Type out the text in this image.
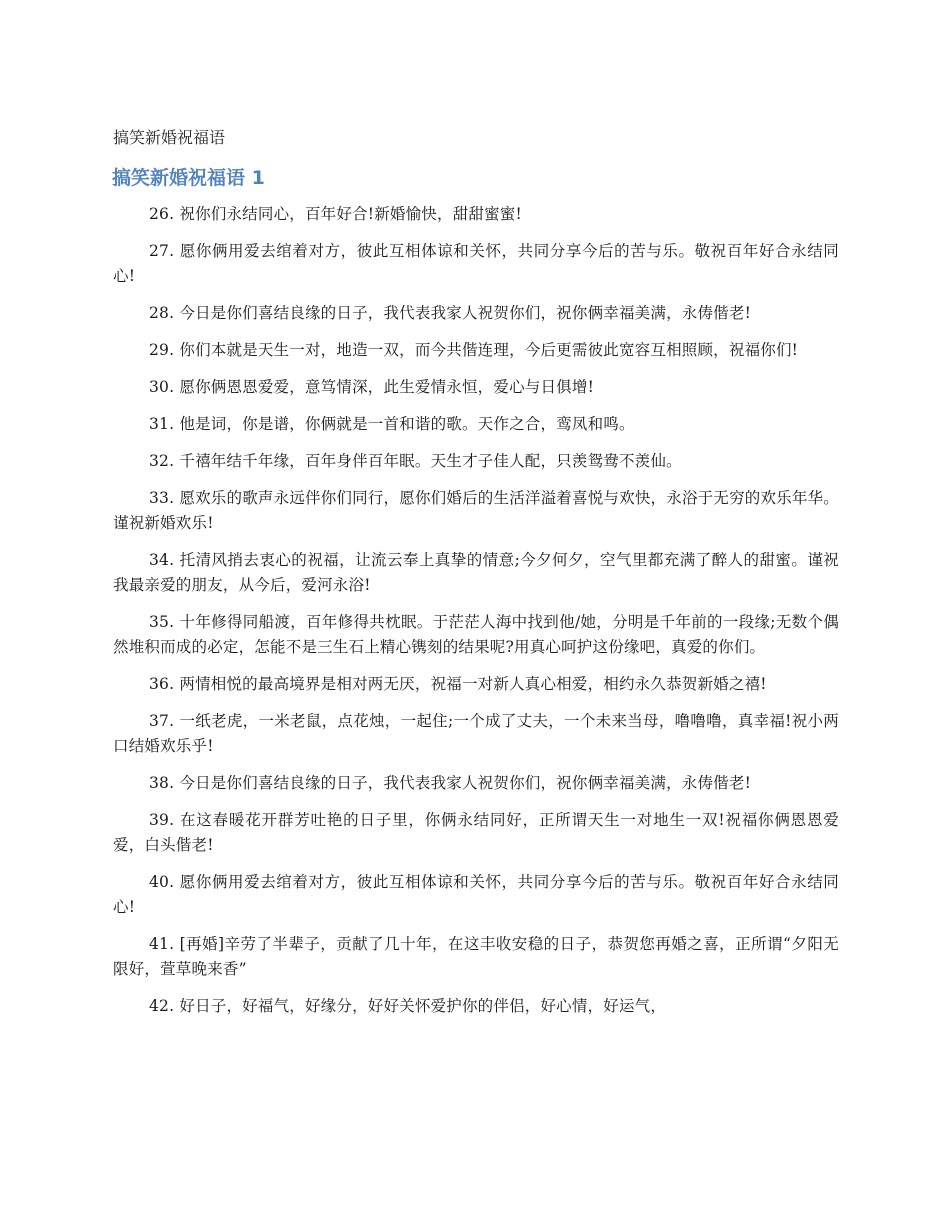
搞笑新婚祝福语
搞笑新婚祝福语 1

26. 祝你们永结同心，百年好合!新婚愉快，甜甜蜜蜜!

27. 愿你俩用爱去绾着对方，彼此互相体谅和关怀，共同分享今后的苦与乐。敬祝百年好合永结同心!

28. 今日是你们喜结良缘的日子，我代表我家人祝贺你们，祝你俩幸福美满，永俦偕老!

29. 你们本就是天生一对，地造一双，而今共偕连理，今后更需彼此宽容互相照顾，祝福你们!

30. 愿你俩恩恩爱爱，意笃情深，此生爱情永恒，爱心与日俱增!

31. 他是词，你是谱，你俩就是一首和谐的歌。天作之合，鸾凤和鸣。

32. 千禧年结千年缘，百年身伴百年眠。天生才子佳人配，只羡鸳鸯不羡仙。

33. 愿欢乐的歌声永远伴你们同行，愿你们婚后的生活洋溢着喜悦与欢快，永浴于无穷的欢乐年华。谨祝新婚欢乐!

34. 托清风捎去衷心的祝福，让流云奉上真挚的情意;今夕何夕，空气里都充满了醉人的甜蜜。谨祝我最亲爱的朋友，从今后，爱河永浴!

35. 十年修得同船渡，百年修得共枕眠。于茫茫人海中找到他/她，分明是千年前的一段缘;无数个偶然堆积而成的必定，怎能不是三生石上精心镌刻的结果呢?用真心呵护这份缘吧，真爱的你们。

36. 两情相悦的最高境界是相对两无厌，祝福一对新人真心相爱，相约永久恭贺新婚之禧!

37. 一纸老虎，一米老鼠，点花烛，一起住;一个成了丈夫，一个未来当母，噜噜噜，真幸福!祝小两口结婚欢乐乎!

38. 今日是你们喜结良缘的日子，我代表我家人祝贺你们，祝你俩幸福美满，永俦偕老!

39. 在这春暖花开群芳吐艳的日子里，你俩永结同好，正所谓天生一对地生一双!祝福你俩恩恩爱爱，白头偕老!

40. 愿你俩用爱去绾着对方，彼此互相体谅和关怀，共同分享今后的苦与乐。敬祝百年好合永结同心!

41. [再婚]辛劳了半辈子，贡献了几十年，在这丰收安稳的日子，恭贺您再婚之喜，正所谓“夕阳无限好，萱草晚来香”

42. 好日子，好福气，好缘分，好好关怀爱护你的伴侣，好心情，好运气，
